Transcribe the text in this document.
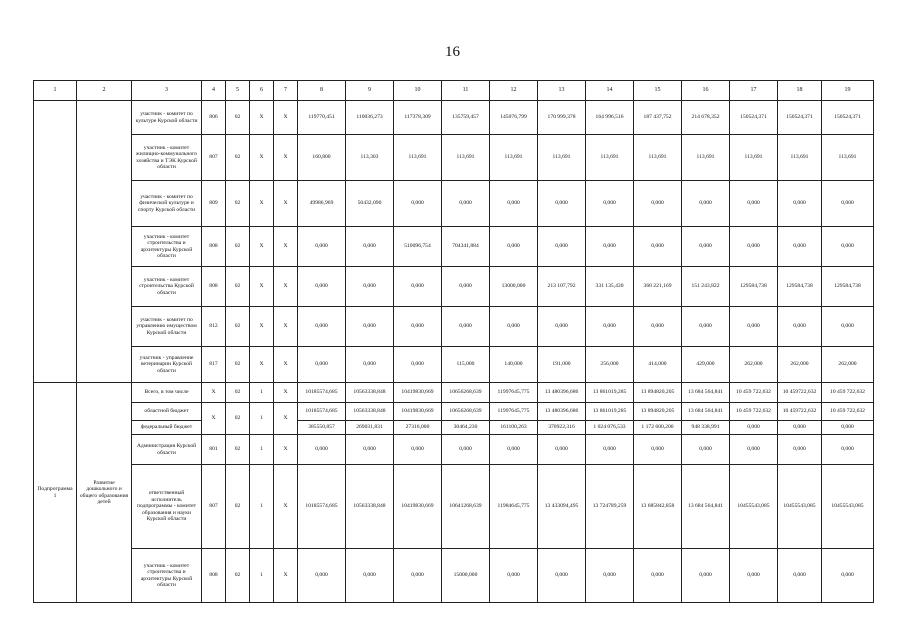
16
1	2	3	4	5	6	7	8	9	10	11	12	13	14	15	16	17	18	19
		участник - комитет по культуре Курской области	806	02	X	X	119770,451	110036,273	117378,309	135759,457	145076,799	170 999,378	164 996,516	187 437,752	214 678,352	150524,371	150524,371	150524,371
		участник - комитет жилищно-коммунального хозяйства и ТЭК Курской области	807	02	X	X	160,800	113,303	113,691	113,691	113,691	113,691	113,691	113,691	113,691	113,691	113,691	113,691
		участник - комитет по физической культуре и спорту Курской области	809	02	X	X	49986,969	50432,090	0,000	0,000	0,000	0,000	0,000	0,000	0,000	0,000	0,000	0,000
		участник - комитет строительства и архитектуры Курской области	808	02	X	X	0,000	0,000	510096,754	704341,884	0,000	0,000	0,000	0,000	0,000	0,000	0,000	0,000
		участник - комитет строительства Курской области	808	02	X	X	0,000	0,000	0,000	0,000	13000,000	213 107,792	331 135,430	360 221,169	151 243,822	129584,738	129584,738	129584,738
		участник - комитет по управлению имуществом Курской области	812	02	X	X	0,000	0,000	0,000	0,000	0,000	0,000	0,000	0,000	0,000	0,000	0,000	0,000
		участник - управление ветеринарии Курской области	817	02	X	X	0,000	0,000	0,000	115,000	140,000	191,000	256,000	414,000	429,000	262,000	262,000	262,000
Подпрограмма 1	Развитие дошкольного и общего образования детей	Всего, в том числе	X	02	1	X	10185574,685	10563338,848	10419830,669	10656268,639	11997645,775	13 480396,686	13 861019,285	13 894820,205	13 684 564,841	10 459 722,632	10 459722,632	10 459 722,632
		областной бюджет	X	02	1	X	10185574,685	10563338,848	10419830,669	10656268,639	11997645,775	13 480396,686	13 861019,285	13 894820,205	13 684 564,841	10 459 722,632	10 459722,632	10 459 722,632
		федеральный бюджет					385550,857	269031,831	27316,000	30464,230	161100,263	370922,316	1 024 076,533	1 172 600,200	948 338,991	0,000	0,000	0,000
		Администрация Курской области	801	02	1	X	0,000	0,000	0,000	0,000	0,000	0,000	0,000	0,000	0,000	0,000	0,000	0,000
		ответственный исполнитель подпрограммы - комитет образования и науки Курской области	807	02	1	X	10185574,685	10563338,848	10419830,669	10641268,639	11984645,775	13 433094,495	13 724789,259	13 685842,858	13 684 564,841	10455543,085	10455543,085	10455543,085
		участник - комитет строительства и архитектуры Курской области	808	02	1	X	0,000	0,000	0,000	15000,000	0,000	0,000	0,000	0,000	0,000	0,000	0,000	0,000
